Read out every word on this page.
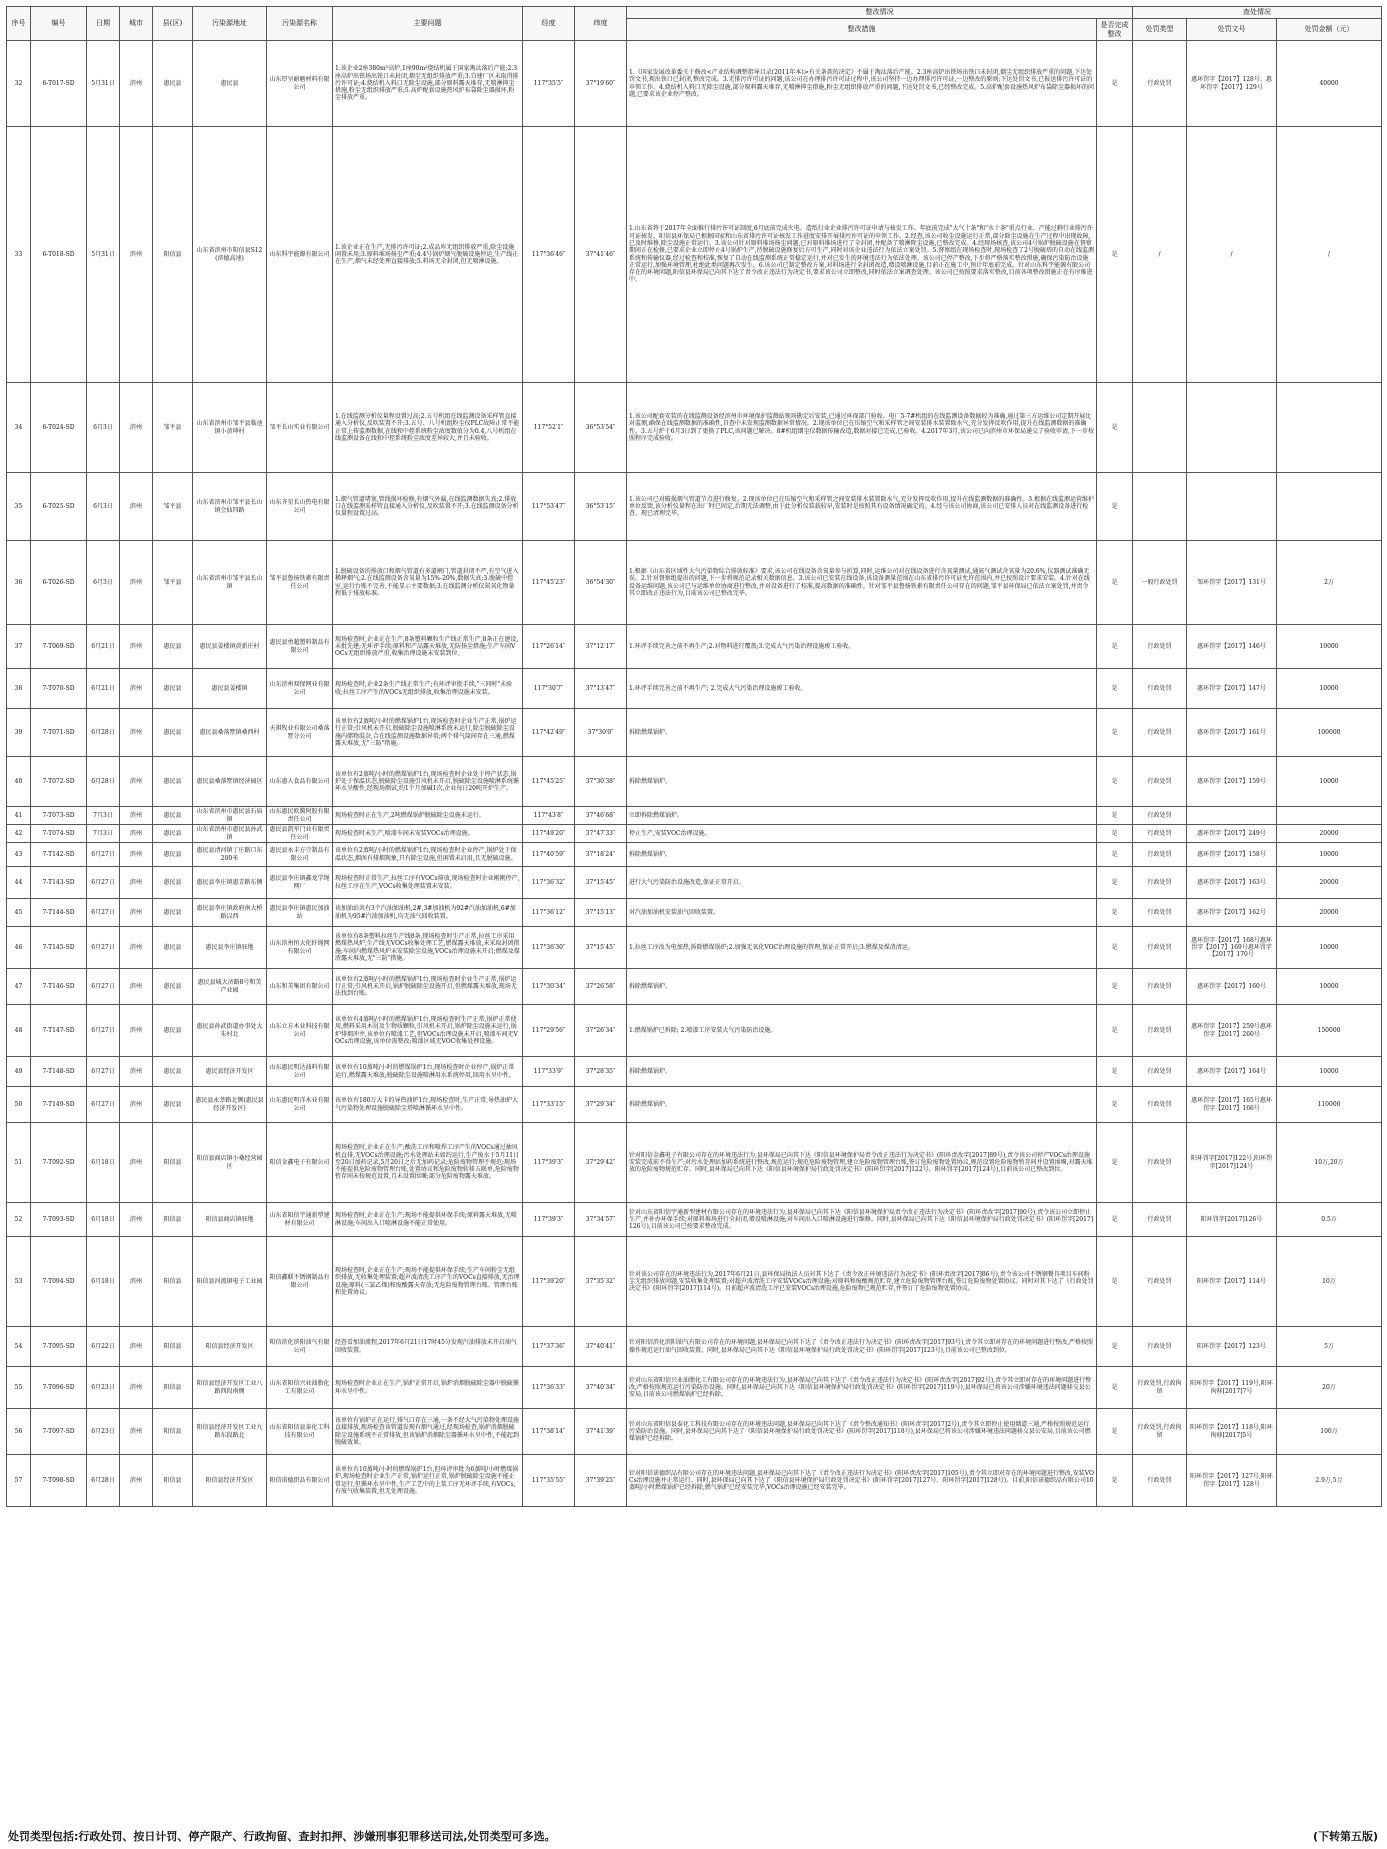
序号	编号	日期	城市	县(区)	污染源地址	污染源名称	主要问题	经度	纬度	整改情况		查处情况		
										整改措施	是否完成整改	处罚类型	处罚文号	处罚金额（元）
32	6-T017-SD	5月31日	滨州	惠民县	惠民县	山东厚呈耐磨材料有限公司	1.该企业2座380m³高炉,1座90m²烧结机属于国家淘汰落后产能;2.3座高炉出铁场出铁口未封闭,烟尘无组织排放严重;3.自建厂区未取得排污许可证;4.烧结机入料口无除尘设施,部分原料露天堆存,无喷淋抑尘措施,粉尘无组织排放严重;5.高炉配套设施热风炉布袋除尘器损坏,粉尘排放严重。	117°35′5″	37°19′60″	1.《国家发展改革委关于修改<产业结构调整指导目录(2011年本)>有关条款的决定》不属于淘汰落后产能。2.3座高炉出铁场出铁口未封闭,烟尘无组织排放严重的问题,下达处罚文书,现出铁口已封闭,整改完成。3.无排污许可证的问题,该公司在办理排污许可证过程中,该公司坚持一边办理排污许可证,一边整改的原则;下达处罚文书,已报送排污许可证的申领工作。4.烧结机入料口无除尘设施,部分原料露天堆存,无喷淋抑尘措施,粉尘无组织排放严重的问题,下达处罚文书,已经整改完成。5.高炉配套设施热风炉布袋除尘器损坏的问题,已要求该企业停产整改。	是	行政处罚	惠环罚字【2017】128号、惠环罚字【2017】129号	40000
33	6-T018-SD	5月31日	滨州	阳信县	山东省滨州市阳信县S12(滨德高速)	山东科宇能源有限公司	1.该企业正在生产,无排污许可证;2.成品库无组织排放严重,除尘设施闲置未用;3.原料堆场扬尘严重;4.4号锅炉烟气脱硫设施停运,生产线正在生产,烟气未经处理直接排放;5.料场无全封闭,但无喷淋设施。	117°36′46″	37°41′46″	1.山东省将于2017年全面推行排污许可证制度,6月底前完成火电、造纸行业企业排污许可证申请与核发工作。年底前完成"大气十条"和"水十条"重点行业、产能过剩行业排污许可证核发。阳信县环保局已根据国家和山东省排污许可证核发工作进度安排开展排污许可证的申领工作。2.经查,该公司收尘设施运行正常,部分除尘设施在生产过程中出现故障,已及时维修,除尘设施正常运行。3.该公司针对原料堆场扬尘问题,已对原料堆场进行了全封闭,并配备了喷淋降尘设施,已整改完成。4.经现场核查,该公司4号锅炉脱硫设施在督察期间正在检修,已要求企业立即停止4号锅炉生产,待脱硫设施修复后方可生产,同时对该企业违法行为依法立案处罚。5.督察组在现场检查时,现场检查了2号脱硫塔的自动在线监测系统和传输仪器,经过检查和校准,恢复了自动在线监测系统正常稳定运行,并对已发生的环境违法行为依法处理。该公司已停产整改,下步将严格落实整改措施,确保污染防治设施正常运行,加强环境管理,杜绝此类问题再次发生。6.该公司已制定整改方案,对料场进行全封闭改造,增设喷淋设施,目前正在施工中,预计年底前完成。针对山东科宇能源有限公司存在的环境问题,阳信县环保局已向其下达了责令改正违法行为决定书,要求该公司立即整改,同时依法立案调查处理。该公司已按照要求落实整改,目前各项整改措施正在有序推进中。	是	/	/	/
34	6-T024-SD	6月3日	滨州	邹平县	山东省滨州市邹平县临池镇小黄坤村	邹平长山实业有限公司	1.在线监测分析仪量程设置过高;2.五号机组在线监测设备采样管直接通入分析仪,反吹装置不开;3.五号、八号机组粉尘仪PLC故障正常不能正常上传监测数据,在线和中控系统粉尘浓度数值分为0.4,八号机组在线监测设备在线和中控系统粉尘浓度差异较大,并且未验收。	117°52′1″	36°53′54″	1.该公司配套安装的在线监测设备经滨州市环境保护监测站现场勘定后安装,已通过环保部门验收。电厂5-7#机组的在线监测设备数据较为准确,通过第三方运维公司定期开展比对监测,确保在线监测数据的准确性,自查中未发现监测数据异常情况。2.现该单位已在压缩空气和采样管之间安装排水装置除水气,充分发挥反吹作用,提升在线监测数据的准确性。3.五号炉于6月3日到了更换了PLC,该问题已解决。8#机组烟尘仪数据传输改造,数据对接已完成,已验收。4.2017年3月,该公司已向滨州市环保局递交了验收申请,下一步按照程序完成验收。	是			
35	6-T025-SD	6月3日	滨州	邹平县	山东省滨州市邹平县长山镇会仙四路	山东齐星长山热电有限公司	1.烟气管道堵塞,管线损坏检修,有烟气外漏,在线监测数据失真;2.排放口在线监测采样管直接通入分析仪,反吹装置不开;3.在线监测设备分析仪量程设置过高。	117°53′47″	36°53′15″	1.该公司已对破损烟气管道节点进行修复。2.现该单位已在压缩空气和采样管之间安装排水装置除水气,充分发挥反吹作用,提升在线监测数据的准确性。3.根据在线监测运营维护单位反馈,该分析仪量程在出厂时已固定,后期无法调整,由于此分析仪装载较早,安装时是按照其有设备情况确定的。4.经与该公司协商,该公司已安排人员对在线监测设备进行检查、现已清理完毕。	是			
36	6-T026-SD	6月3日	滨州	邹平县	山东省滨州市邹平县长山镇	邹平县鲁扬铁素有限责任公司	1.脱硫设备的排放口和烟气管道有多道闸门,管道封闭不严,有空气进入稀释烟气;2.在线监测设备含氧量为15%-20%,数据失真;3.脱硫中控室,运行台账不完善,不能显示主要数据;3.在线监测分析仪氮氧化物量程低于排放标准。	117°45′23″	36°54′30″	1.根据《山东省区域性大气污染物综合排放标准》要求,该公司在线设备含氧量参与折算,同时,运维公司对在线设备进行含氧量测试,通氮气测试含氧量为20.6%,仪器测试准确无误。2.针对督察组提出的问题,下一步将规范记录相关数据信息。3.该公司已安装在线设备,该设备测量范围在山东省排污许可证允许范围内,并已按照设计要求安装。4.针对在线设备运维问题,该公司已与运维单位协商进行整改,并对设备进行了校准,提高数据的准确性。针对邹平县鲁扬铁素有限责任公司存在的问题,邹平县环保局已依法立案处罚,并责令其立即改正违法行为,目前该公司已整改完毕。	是	一般行政处罚	邹环罚字【2017】131号	2万
37	7-T069-SD	6月21日	滨州	惠民县	惠民县姜楼镇黄新庄村	惠民县勇超塑料制品有限公司	现场检查时,企业正在生产,8条塑料颗粒生产线正常生产,8条正在建设,未批先建;无环评手续;原料和产品露天堆放,无防扬尘措施;生产车间VOCs无组织排放严重,收集治理设施未安装到位。	117°26′14″	37°12′17″	1.环评手续完善之前不再生产;2.对物料进行覆盖;3.完成大气污染治理设施竣工验收。	是	行政处罚	惠环罚字【2017】146号	10000
38	7-T070-SD	6月21日	滨州	惠民县	惠民县姜楼镇	山东滨州双保网业有限公司	现场检查时,企业2条生产线正常生产;有环评审批手续,"三同时"未验收;拉丝工序产生的VOCs无组织排放,收集治理设施未安装。	117°30′7″	37°13′47″	1.环评手续完善之前不再生产; 2.完成大气污染治理设施竣工验收。	是	行政处罚	惠环罚字【2017】147号	10000
39	7-T071-SD	6月28日	滨州	惠民县	惠民县桑落墅镇桑西村	天祺牧业有限公司桑落墅分公司	该单位有2蒸吨/小时的燃煤锅炉1台,现场检查时企业生产正常,锅炉运行正常;引风机未开启,脱硫除尘设施喷淋系统未运行,除尘脱硫除尘设施内储物混杂,合在线监测设施数据异常;两个排气筒间存在三通,燃煤露天堆放,无"三防"措施。	117°42′49″	37°30′9″	拆除燃煤锅炉。	是	行政处罚	惠环罚字【2017】161号	100000
40	7-T072-SD	6月28日	滨州	惠民县	惠民县桑落墅镇经济园区	山东惠人食品有限公司	该单位有2蒸吨/小时的燃煤锅炉1台,现场检查时企业处于停产状态,锅炉处于保温状态,脱硫除尘设施引风机未开启,脱硫除尘设施喷淋系统循环水呈酸性,经现场测试,约1个月加碱1次,企业每日20吨开炉生产。	117°45′25″	37°30′38″	拆除燃煤锅炉。	是	行政处罚	惠环罚字【2017】159号	10000
41	7-T073-SD	7月3日	滨州	惠民县	山东省滨州市惠民县石庙镇	山东惠民欧腾阿胶有限责任公司	现场检查时正在生产,2吨燃煤锅炉脱硫除尘设施未运行。	117°43′8″	37°46′68″	立即拆除燃煤锅炉。	是	行政处罚		
42	7-T074-SD	7月3日	滨州	惠民县	山东省滨州市惠民县孙武镇	惠民县凯军门业有限责任公司	现场检查时未生产,喷漆车间未安装VOCs治理设施。	117°49′20″	37°47′33″	停止生产,安装VOC治理设施。	是	行政处罚	惠环罚字【2017】249号	20000
43	7-T142-SD	6月27日	滨州	惠民县	惠民县清河镇丁庄路口东200米	惠民县永丰方豆制品有限公司	该单位有2蒸吨/小时的燃煤锅炉1台,现场检查时企业停产,锅炉处于保温状态,烟囱有排烟现象,只有除尘设施,但闲置未启用,且无脱硫设施。	117°40′59″	37°18′24″	拆除燃煤锅炉。	是	行政处罚	惠环罚字【2017】158号	10000
44	7-T143-SD	6月27日	滨州	惠民县	惠民县李庄镇惠青路东侧	惠民县李庄镇鑫龙学绳网厂	现场检查时正常生产,拉丝工序有VOCs排放,现场检查时企业刚刚停产,拉丝工序在生产,VOCs收集处理装置未安装。	117°36′32″	37°15′45″	进行大气污染防治设施改造,保证正常开启。	是	行政处罚	惠环罚字【2017】163号	20000
45	7-T144-SD	6月27日	滨州	惠民县	惠民县李庄镇政府南大桥路以西	惠民县李庄镇惠民加油站	该加油站共有3个汽油加油机,2#,3#加油机为92#汽油加油机,6#加油机为95#汽油加油机,均无油气回收装置。	117°36′12″	37°15′13″	对汽油加油机安装油气回收装置。	是	行政处罚	惠环罚字【2017】162号	20000
46	7-T145-SD	6月27日	滨州	惠民县	惠民县李庄镇驻地	山东滨州恒大化纤绳网有限公司	该单位有8条塑料拉丝生产线8条,现场检查时生产正常,拉丝工序采用燃煤热风炉,生产线无VOCs收集处理工艺,燃煤露天堆放,未采取封闭措施;车间内燃煤热风炉未安装除尘设施,VOCs治理设施未开启;燃煤及煤渣露天堆放,无"三防"措施。	117°36′30″	37°15′45″	1.拉丝工序改为电加热,拆除燃煤锅炉;2.加强无氧化VOC治理设施的管理,保证正常开启;3.燃煤及煤渣清运。	是	行政处罚	惠环罚字【2017】168号惠环罚字【2017】169号惠环罚字【2017】170号	10000
47	7-T146-SD	6月27日	滨州	惠民县	惠民县城大济路8号和美产业园	山东和美集团有限公司	该单位有2蒸吨/小时的燃煤锅炉1台,现场检查时企业生产正常,锅炉运行正常;引风机未开启,锅炉脱硫除尘设施开启,但燃煤露天堆放,现场无法找到台账。	117°30′34″	37°26′58″	拆除燃煤锅炉。	是	行政处罚	惠环罚字【2017】160号	10000
48	7-T147-SD	6月27日	滨州	惠民县	惠民县孙武街道办事处大朱村北	山东立方木业科技有限公司	该单位有4蒸吨/小时的燃煤锅炉1台,现场检查时生产正常,锅炉正常使用,燃料采用木屑及生物质颗粒,引风机未开启,锅炉除尘设施未运行,锅炉排烟冲井,该单位有喷漆工艺,但VOCs治理设施未开启,喷漆车间无VOCs治理设施,该单位需整改;喷漆区域无VOC收集处理设施。	117°29′56″	37°26′34″	1.燃煤锅炉已拆除; 2.喷漆工序安装大气污染防治设施。	是	行政处罚	惠环罚字【2017】259号惠环罚字【2017】260号	150000
49	7-T148-SD	6月27日	滨州	惠民县	惠民县经济开发区	山东惠民明达油料有限公司	该单位有10蒸吨/小时的燃煤锅炉1台,现场检查时企业停产,锅炉正常运行,燃煤露天堆放;脱硫除尘设施喷淋用水系统停用,回用水呈中性。	117°33′9″	37°28′35″	拆除燃煤锅炉。	是	行政处罚	惠环罚字【2017】164号	10000
50	7-T149-SD	6月27日	滨州	惠民县	惠民县永莘路北侧(惠民县经济开发区)	山东惠民明洋木业有限公司	该单位有180万大卡的导热油炉1台,现场检查时,生产正常,导热油炉大气污染物处理设施脱硫除尘塔喷淋循环水呈中性。	117°33′15″	37°29′34″	拆除燃煤锅炉。	是	行政处罚	惠环罚字【2017】165号惠环罚字【2017】166号	110000
51	7-T092-SD	6月18日	滨州	阳信县	阳信县商店镇小桑经营园区	阳信金鑫电子有限公司	现场检查时,企业正在生产;酸洗工序和喷焊工序产生的VOCs通过抽风机直排,无VOCs治理设施;污水处理站未如约运行,生产废水于5月11日至20日加药记录,5月20日之后无加药记录;危险废物管理不规范;现场不能提供危险废物管理台账,处置协议和危险废物转移五联单,危险废物暂存间未按规范设置,且未设置围堰;部分危险废物露天堆放。	117°39′3″	37°29′42″	针对阳信金鑫电子有限公司存在的环境违法行为,县环保局已向其下达《阳信县环境保护局责令改正违法行为决定书》(阳环责改字[2017]89号),责令该公司停产VOCs治理设施安装完成前不得生产;对污水处理站加药系统进行整改,规范运行;规范危险废物管理,建立危险废物管理台账,签订危险废物处置协议,规范设置危险废物暂存间并设置围堰,对露天堆放的危险废物规范贮存。同时,县环保局已向其下达《阳信县环境保护局行政处罚决定书》(阳环罚字[2017]122号、阳环罚字[2017]124号),目前该公司已整改到位。	是	行政处罚	阳环罚字[2017]122号,阳环罚字[2017]124号	10万,20万
52	7-T093-SD	6月18日	滨州	阳信县	阳信县商店镇驻地	山东省阳信宇通新型建材有限公司	现场检查时,企业正在生产;现场不能提供环保手续;原料露天堆放,无喷淋设施;车间出入口喷淋设施不能正常使用。	117°39′3″	37°34′57″	针对山东省阳信宇通新型建材有限公司存在的环境违法行为,县环保局已向其下达《阳信县环境保护局责令改正违法行为决定书》(阳环责改字[2017]90号),责令该公司立即停止生产,并补办环保手续;对原料堆场进行全封闭,增设喷淋设施;对车间出入口喷淋设施进行维修。同时,县环保局已向其下达《阳信县环境保护局行政处罚决定书》(阳环罚字[2017]126号),目前该公司已按要求整改完成。	是	行政处罚	阳环罚字[2017]126号	0.5万
53	7-T094-SD	6月18日	滨州	阳信县	阳信县河流镇电子工业园	阳信鑫联不锈钢制品有限公司	现场检查时,企业正在生产;现场不能提供环保手续;生产车间粉尘无组织排放,无收集处理装置;超声波清洗工序产生的VOCs直接排放,无治理设施;原料(三氯乙烯)和废酸露天存放;无危险废物管理台账、管理台账和处置协议。	117°39′20″	37°35′32″	针对该公司存在的环境违法行为,2017年6月21日,县环保局执法人员对其下达了《责令改正环境违法行为决定书》(阳环责改字[2017]86号),责令该公司不锈钢餐具项目车间粉尘无组织排放问题,安装收集处理装置;对超声波清洗工序安装VOCs治理设施;对原料和废酸规范贮存,建立危险废物管理台账,签订危险废物处置协议。同时对其下达了《行政处罚决定书》(阳环罚字[2017]114号)。目前超声波清洗工序已安装VOCs治理设施,危险废物已规范贮存,并签订了危险废物处置协议。	是	行政处罚	阳环罚字【2017】114号	10万
54	7-T095-SD	6月22日	滨州	阳信县	阳信县经济开发区	阳信滨化滨阳油气有限公司	经查看加油流程,2017年6月21日17时45分发现汽油排放未开启油气回收装置。	117°37′36″	37°40′41″	针对阳信滨化滨阳油气有限公司存在的环境问题,县环保局已向其下达了《责令改正违法行为决定书》(阳环责改字[2017]93号),责令其立即对存在的环境问题进行整改,严格按照操作规范运行油气回收装置。同时,县环保局已向其下达《阳信县环境保护局行政处罚决定书》(阳环罚字[2017]123号),目前该公司已整改到位。	是	行政处罚	阳环罚字【2017】123号	5万
55	7-T096-SD	6月23日	滨州	阳信县	阳信县经济开发区工业八路西段南侧	山东省阳信兴业油脂化工有限公司	现场检查时企业正在生产,锅炉正常开启,锅炉消烟脱硫除尘器中脱硫循环水呈中性。	117°36′33″	37°40′34″	针对山东省阳信兴业油脂化工有限公司存在的环境违法行为,县环保局已向其下达了《责令改正违法行为决定书》(阳环责改字[2017]92号),责令其立即对存在的环境问题进行整改,严格按照规范运行污染防治设施。同时,县环保局已向其下达《阳信县环境保护局行政处罚决定书》(阳环罚字[2017]119号),县环保局已将该公司涉嫌环境违法问题移交县公安局,目前该公司燃煤锅炉已经拆除。	是	行政处罚,行政拘留	阳环罚字【2017】119号,阳环拘移[2017]7号	20万
56	7-T097-SD	6月23日	滨州	阳信县	阳信县经济开发区工业九路东段路北	山东省阳信县泰化工科技有限公司	该单位有锅炉正在运行,排气口存在三通,一条不经大气污染物处理设施直接排放,现场检查该管道发现有烟气通过,经现场检查,锅炉消烟脱硫除尘设施系统不正常排放,但该锅炉消烟除尘器循环水呈中性,不能起到脱硫效果。	117°38′14″	37°41′39″	针对山东省阳信县泰化工科技有限公司存在的环境违法问题,县环保局已向其下达了《责令整改通知书》(阳环责字[2017]2号),责令其立即停止使用烟道三通,严格按照规范运行污染防治设施。同时,县环保局已向其下达了《阳信县环境保护局行政处罚决定书》(阳环罚字[2017]118号),县环保局已将该公司涉嫌环境违法问题移交县公安局,目前该公司燃煤锅炉已经拆除。	是	行政处罚,行政拘留	阳环罚字【2017】118号,阳环拘移[2017]5号	100万
57	7-T098-SD	6月28日	滨州	阳信县	阳信县经济开发区	阳信诺德织品有限公司	该单位有10蒸吨/小时的燃煤锅炉1台,但环评审批为6蒸吨/小时燃煤锅炉,现场检查时企业生产正常,锅炉运行正常,锅炉脱硫除尘设施不能正常运行,但循环水呈中性,生产工艺中的上浆工序无环评手续,有VOCs,有废气收集装置,但无处理设施。	117°35′55″	37°39′25″	针对阳信诺德织品有限公司存在的环境违法问题,县环保局已向其下达了《责令改正违法行为决定书》(阳环责改字[2017]105号),责令其立即对存在的环境问题进行整改,安装VOCs治理设施并正常运行。同时,县环保局已向其下达了《阳信县环境保护局行政处罚决定书》(阳环罚字[2017]127号、阳环罚字[2017]128号)。目前,阳信诺德织品有限公司10蒸吨/小时燃煤锅炉已经拆除,燃气锅炉已经安装完毕,VOCs治理设施已经安装完毕。	是	行政处罚	阳环罚字【2017】127号,阳环罚字【2017】128号	2.9万,5万
处罚类型包括:行政处罚、按日计罚、停产限产、行政拘留、查封扣押、涉嫌刑事犯罪移送司法,处罚类型可多选。	(下转第五版)
